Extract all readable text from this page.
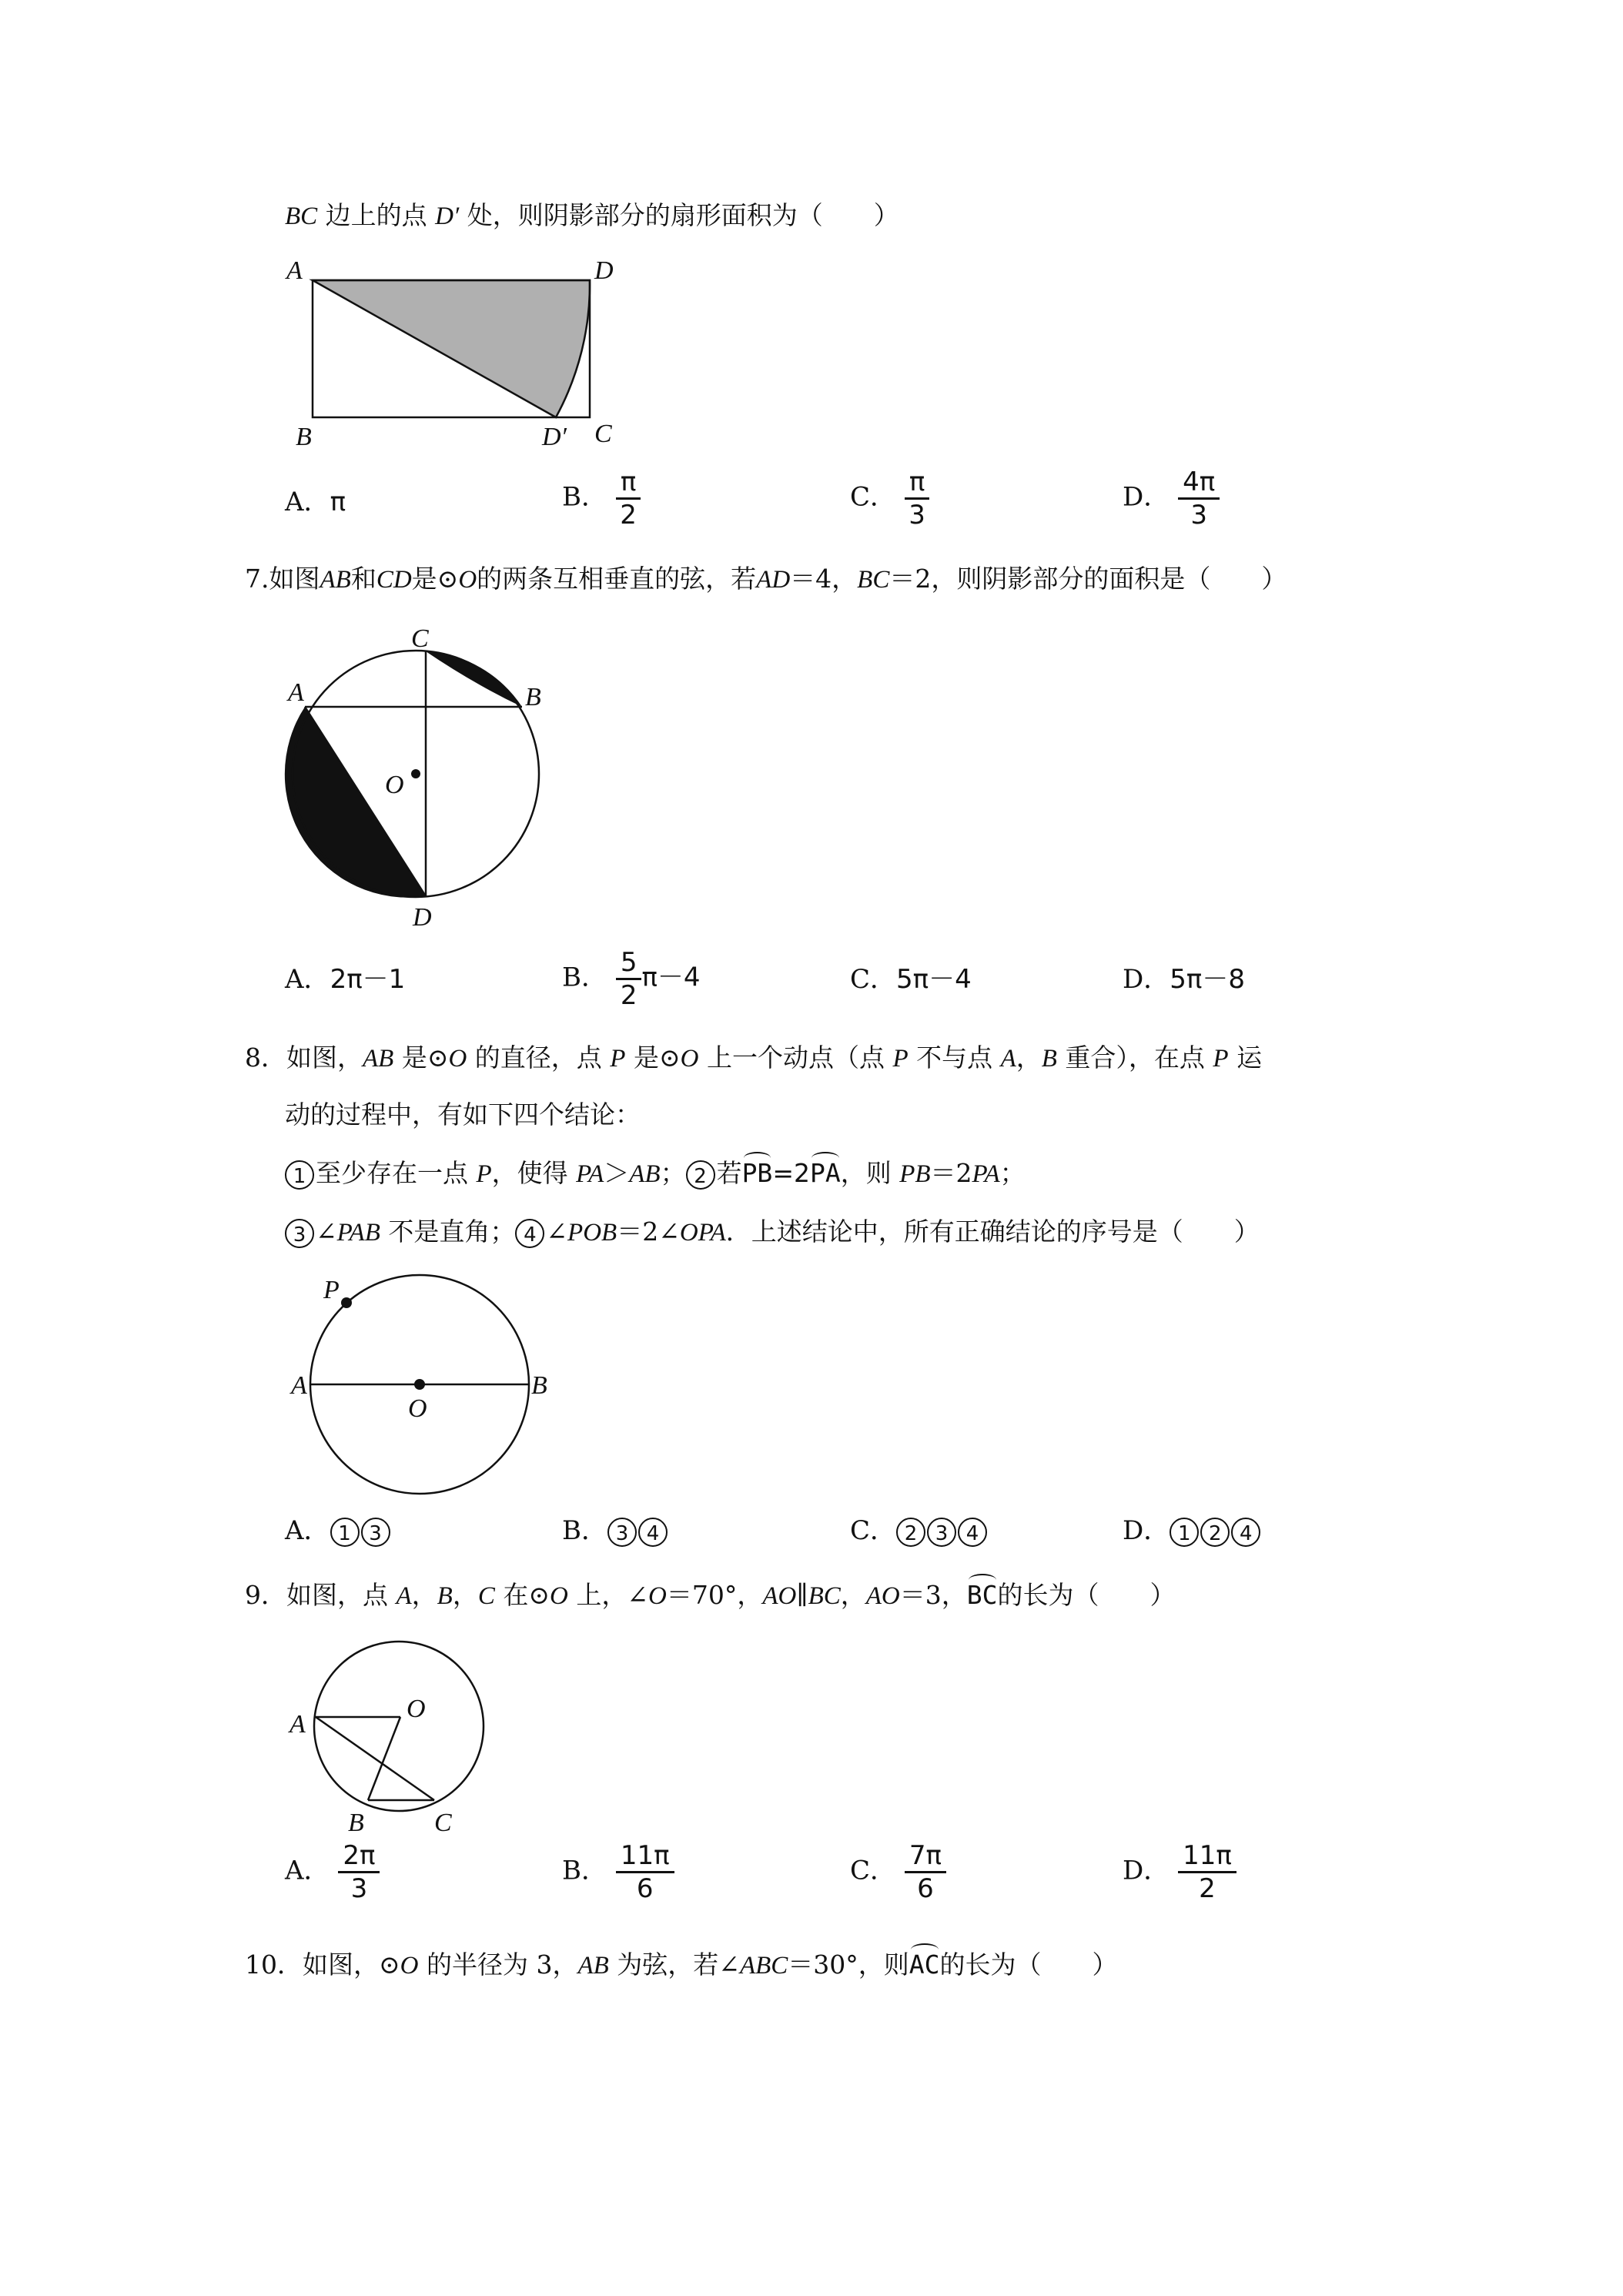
BC 边上的点 D′ 处，则阴影部分的扇形面积为（　　）
A	D
B	D′ C
A．π	B． $\frac{\pi}{2}$	C． $\frac{\pi}{3}$	D． $\frac{4\pi}{3}$
7.如图AB和CD是⊙O的两条互相垂直的弦，若AD＝4，BC＝2，则阴影部分的面积是（　　）
C
A	B
O
D
A．2π－1	B． $\frac{5}{2} \pi-4$	C．5π－4	D．5π－8
8．如图，AB 是⊙O 的直径，点 P 是⊙O 上一个动点（点 P 不与点 A，B 重合），在点 P 运
动的过程中，有如下四个结论：
1 至少存在一点 P，使得 PA＞AB； 2 若PB=2PA，则 PB＝2PA；
3 ∠PAB 不是直角； 4 ∠POB＝2∠OPA．上述结论中，所有正确结论的序号是（　　）
P
A
O
B
A． 1 3	B． 3 4	C． 2 3 4	D． 1 2 4
9．如图，点 A，B，C 在⊙O 上，∠O＝70°，AO∥BC，AO＝3，BC的长为（　　）
A
O
B	C
A． $\frac{2\pi}{3}$	B． $\frac{11\pi}{6}$	C． $\frac{7\pi}{6}$	D． $\frac{11\pi}{2}$
10．如图，⊙O 的半径为 3，AB 为弦，若∠ABC＝30°，则AC的长为（　　）
